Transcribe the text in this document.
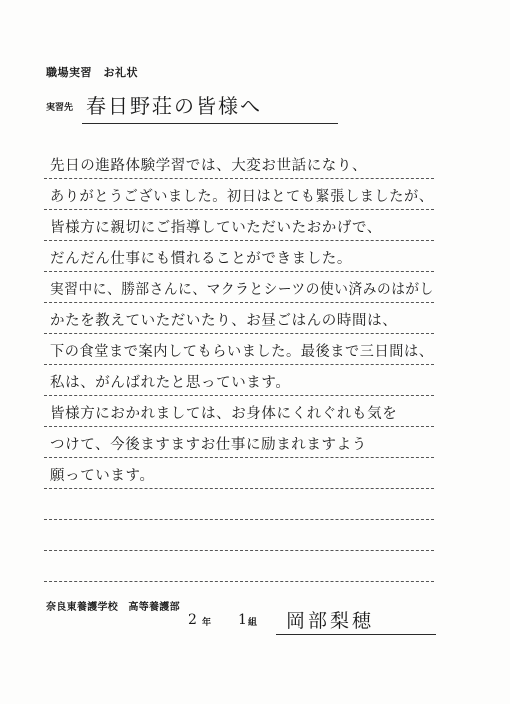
職場実習　お礼状
実習先 春日野荘の皆様へ
先日の進路体験学習では、大変お世話になり、
ありがとうございました。初日はとても緊張しましたが、
皆様方に親切にご指導していただいたおかげで、
だんだん仕事にも慣れることができました。
実習中に、勝部さんに、マクラとシーツの使い済みのはがし
かたを教えていただいたり、お昼ごはんの時間は、
下の食堂まで案内してもらいました。最後まで三日間は、
私は、がんばれたと思っています。
皆様方におかれましては、お身体にくれぐれも気を
つけて、今後ますますお仕事に励まれますよう
願っています。
奈良東養護学校　高等養護部
2 年 1 組 岡部梨穂
